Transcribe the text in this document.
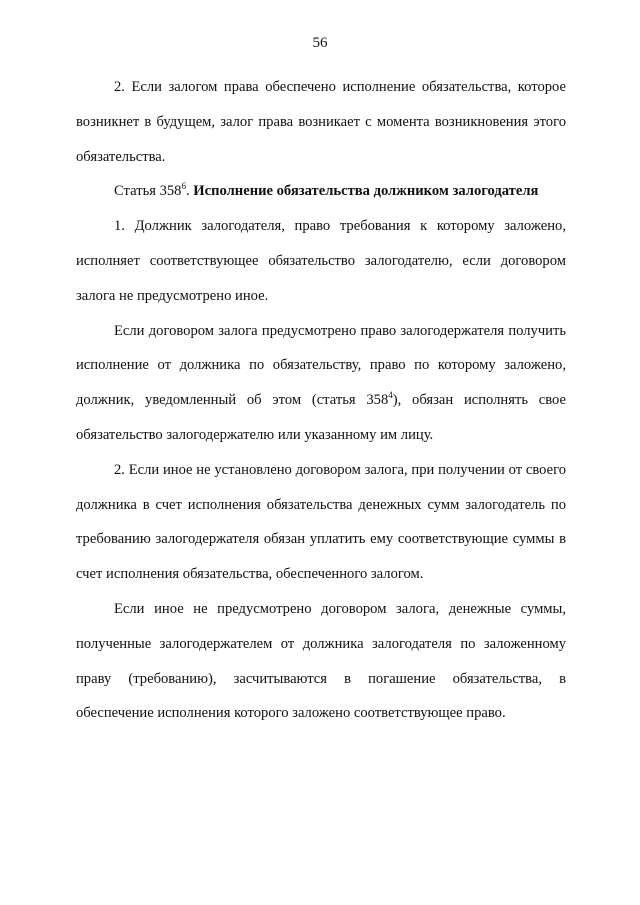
56

2. Если залогом права обеспечено исполнение обязательства, которое возникнет в будущем, залог права возникает с момента возникновения этого обязательства.

Статья $358^6$. Исполнение обязательства должником залогодателя

1. Должник залогодателя, право требования к которому заложено, исполняет соответствующее обязательство залогодателю, если договором залога не предусмотрено иное.

Если договором залога предусмотрено право залогодержателя получить исполнение от должника по обязательству, право по которому заложено, должник, уведомленный об этом (статья $358^4$), обязан исполнять свое обязательство залогодержателю или указанному им лицу.

2. Если иное не установлено договором залога, при получении от своего должника в счет исполнения обязательства денежных сумм залогодатель по требованию залогодержателя обязан уплатить ему соответствующие суммы в счет исполнения обязательства, обеспеченного залогом.

Если иное не предусмотрено договором залога, денежные суммы, полученные залогодержателем от должника залогодателя по заложенному праву (требованию), засчитываются в погашение обязательства, в обеспечение исполнения которого заложено соответствующее право.
